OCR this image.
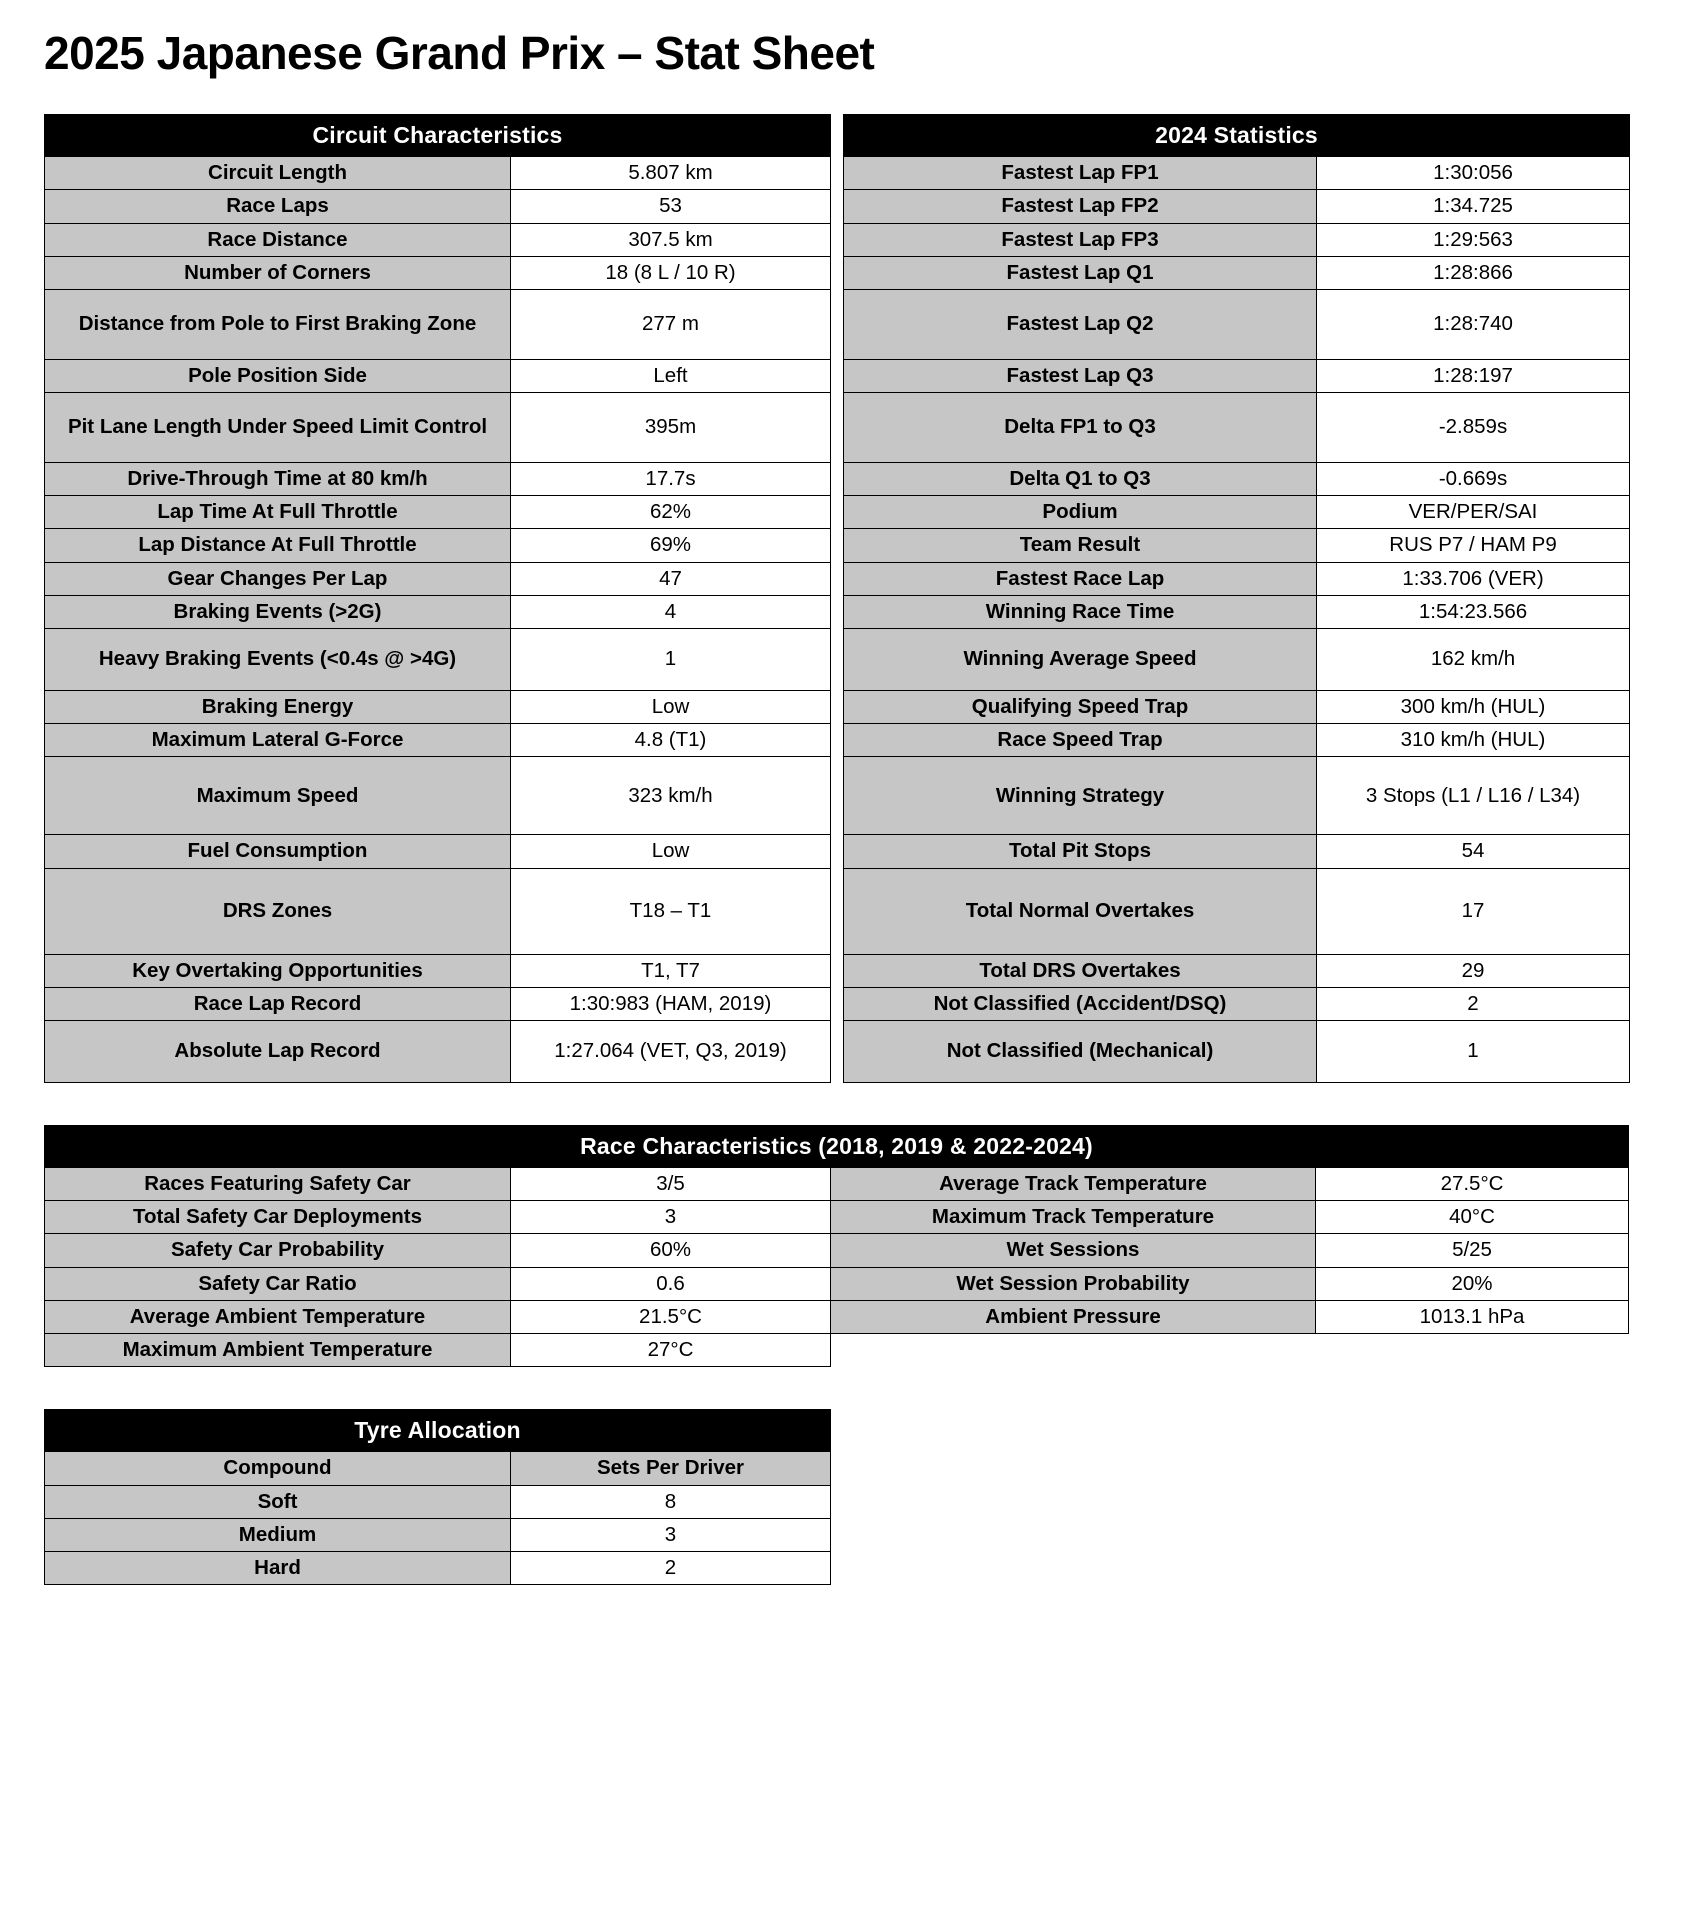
2025 Japanese Grand Prix – Stat Sheet
Circuit Characteristics	
Circuit Length	5.807 km
Race Laps	53
Race Distance	307.5 km
Number of Corners	18 (8 L / 10 R)
Distance from Pole to First Braking Zone	277 m
Pole Position Side	Left
Pit Lane Length Under Speed Limit Control	395m
Drive-Through Time at 80 km/h	17.7s
Lap Time At Full Throttle	62%
Lap Distance At Full Throttle	69%
Gear Changes Per Lap	47
Braking Events (>2G)	4
Heavy Braking Events (<0.4s @ >4G)	1
Braking Energy	Low
Maximum Lateral G-Force	4.8 (T1)
Maximum Speed	323 km/h
Fuel Consumption	Low
DRS Zones	T18 – T1
Key Overtaking Opportunities	T1, T7
Race Lap Record	1:30:983 (HAM, 2019)
Absolute Lap Record	1:27.064 (VET, Q3, 2019)
2024 Statistics	
Fastest Lap FP1	1:30:056
Fastest Lap FP2	1:34.725
Fastest Lap FP3	1:29:563
Fastest Lap Q1	1:28:866
Fastest Lap Q2	1:28:740
Fastest Lap Q3	1:28:197
Delta FP1 to Q3	-2.859s
Delta Q1 to Q3	-0.669s
Podium	VER/PER/SAI
Team Result	RUS P7 / HAM P9
Fastest Race Lap	1:33.706 (VER)
Winning Race Time	1:54:23.566
Winning Average Speed	162 km/h
Qualifying Speed Trap	300 km/h (HUL)
Race Speed Trap	310 km/h (HUL)
Winning Strategy	3 Stops (L1 / L16 / L34)
Total Pit Stops	54
Total Normal Overtakes	17
Total DRS Overtakes	29
Not Classified (Accident/DSQ)	2
Not Classified (Mechanical)	1
Race Characteristics (2018, 2019 & 2022-2024)			
Races Featuring Safety Car	3/5	Average Track Temperature	27.5°C
Total Safety Car Deployments	3	Maximum Track Temperature	40°C
Safety Car Probability	60%	Wet Sessions	5/25
Safety Car Ratio	0.6	Wet Session Probability	20%
Average Ambient Temperature	21.5°C	Ambient Pressure	1013.1 hPa
Maximum Ambient Temperature	27°C		
Tyre Allocation	
Compound	Sets Per Driver
Soft	8
Medium	3
Hard	2
